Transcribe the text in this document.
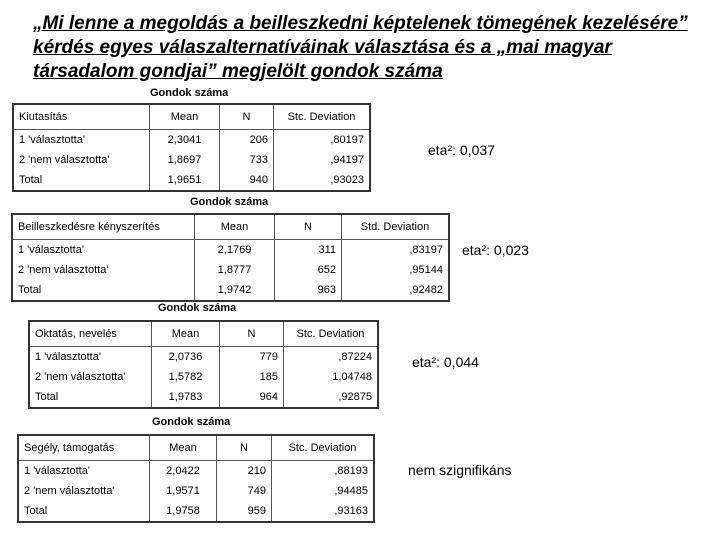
„Mi lenne a megoldás a beilleszkedni képtelenek tömegének kezelésére”
kérdés egyes válaszalternatíváinak választása és a „mai magyar
társadalom gondjai” megjelölt gondok száma
Gondok száma
Kiutasítás	Mean	N	Stc. Deviation
1 'választotta'	2,3041	206	,80197
2 'nem választotta'	1,8697	733	,94197
Total	1,9651	940	,93023
eta²: 0,037
Gondok száma
Beilleszkedésre kényszerítés	Mean	N	Std. Deviation
1 'választotta'	2,1769	311	,83197
2 'nem választotta'	1,8777	652	,95144
Total	1,9742	963	,92482
eta²: 0,023
Gondok száma
Oktatás, nevelés	Mean	N	Stc. Deviation
1 'választotta'	2,0736	779	,87224
2 'nem választotta'	1,5782	185	1,04748
Total	1,9783	964	,92875
eta²: 0,044
Gondok száma
Segély, támogatás	Mean	N	Stc. Deviation
1 'választotta'	2,0422	210	,88193
2 'nem választotta'	1,9571	749	,94485
Total	1,9758	959	,93163
nem szignifikáns
